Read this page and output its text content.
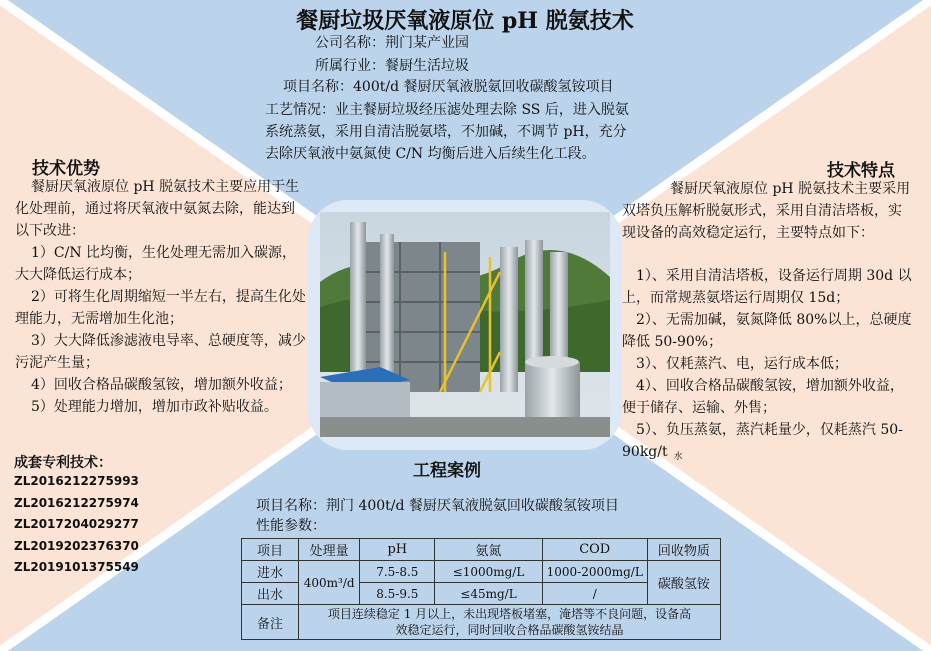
餐厨垃圾厌氧液原位 pH 脱氨技术
公司名称：荆门某产业园
所属行业：餐厨生活垃圾
项目名称：400t/d 餐厨厌氧液脱氨回收碳酸氢铵项目
工艺情况：业主餐厨垃圾经压滤处理去除 SS 后，进入脱氨
系统蒸氨，采用自清洁脱氨塔，不加碱，不调节 pH，充分
去除厌氧液中氨氮使 C/N 均衡后进入后续生化工段。
技术优势
餐厨厌氧液原位 pH 脱氨技术主要应用于生化处理前，通过将厌氧液中氨氮去除，能达到以下改进：
1）C/N 比均衡，生化处理无需加入碳源，大大降低运行成本；
2）可将生化周期缩短一半左右，提高生化处理能力，无需增加生化池；
3）大大降低渗滤液电导率、总硬度等，减少污泥产生量；
4）回收合格品碳酸氢铵，增加额外收益；
5）处理能力增加，增加市政补贴收益。
成套专利技术：
ZL2016212275993
ZL2016212275974
ZL2017204029277
ZL2019202376370
ZL2019101375549
技术特点
餐厨厌氧液原位 pH 脱氨技术主要采用双塔负压解析脱氨形式，采用自清洁塔板，实现设备的高效稳定运行，主要特点如下：
1）、采用自清洁塔板，设备运行周期 30d 以上，而常规蒸氨塔运行周期仅 15d；
2）、无需加碱，氨氮降低 80%以上，总硬度降低 50-90%；
3）、仅耗蒸汽、电，运行成本低；
4）、回收合格品碳酸氢铵，增加额外收益，便于储存、运输、外售；
5）、负压蒸氨，蒸汽耗量少，仅耗蒸汽 50-90kg/t $_水$
工程案例
项目名称：荆门 400t/d 餐厨厌氧液脱氨回收碳酸氢铵项目
性能参数：
项目	处理量	pH	氨氮	COD	回收物质
进水	400m³/d	7.5-8.5	≤1000mg/L	1000-2000mg/L	碳酸氢铵
出水		8.5-9.5	≤45mg/L	/	
备注	项目连续稳定 1 月以上，未出现塔板堵塞，淹塔等不良问题，设备高
效稳定运行，同时回收合格品碳酸氢铵结晶				
